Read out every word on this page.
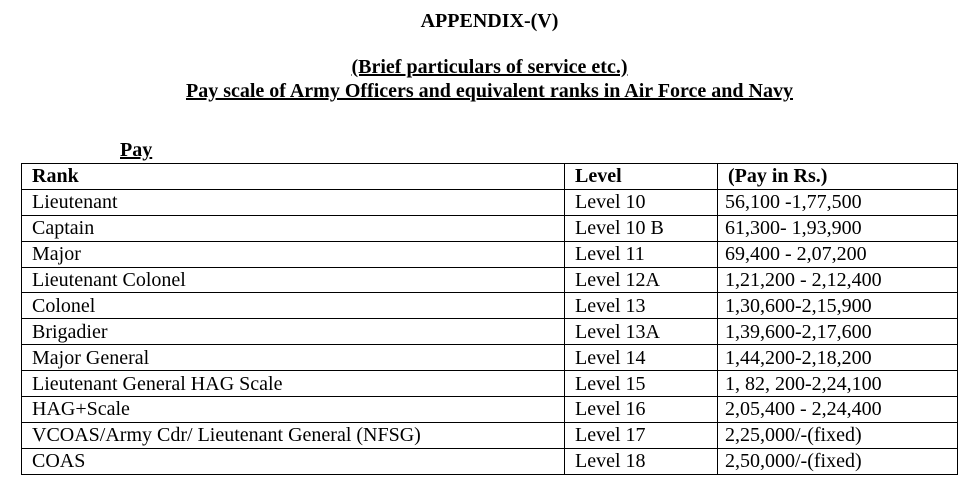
APPENDIX-(V)
(Brief particulars of service etc.)
Pay scale of Army Officers and equivalent ranks in Air Force and Navy
Pay
Rank	Level	(Pay in Rs.)
Lieutenant	Level 10	56,100 -1,77,500
Captain	Level 10 B	61,300- 1,93,900
Major	Level 11	69,400 - 2,07,200
Lieutenant Colonel	Level 12A	1,21,200 - 2,12,400
Colonel	Level 13	1,30,600-2,15,900
Brigadier	Level 13A	1,39,600-2,17,600
Major General	Level 14	1,44,200-2,18,200
Lieutenant General HAG Scale	Level 15	1, 82, 200-2,24,100
HAG+Scale	Level 16	2,05,400 - 2,24,400
VCOAS/Army Cdr/ Lieutenant General (NFSG)	Level 17	2,25,000/-(fixed)
COAS	Level 18	2,50,000/-(fixed)
